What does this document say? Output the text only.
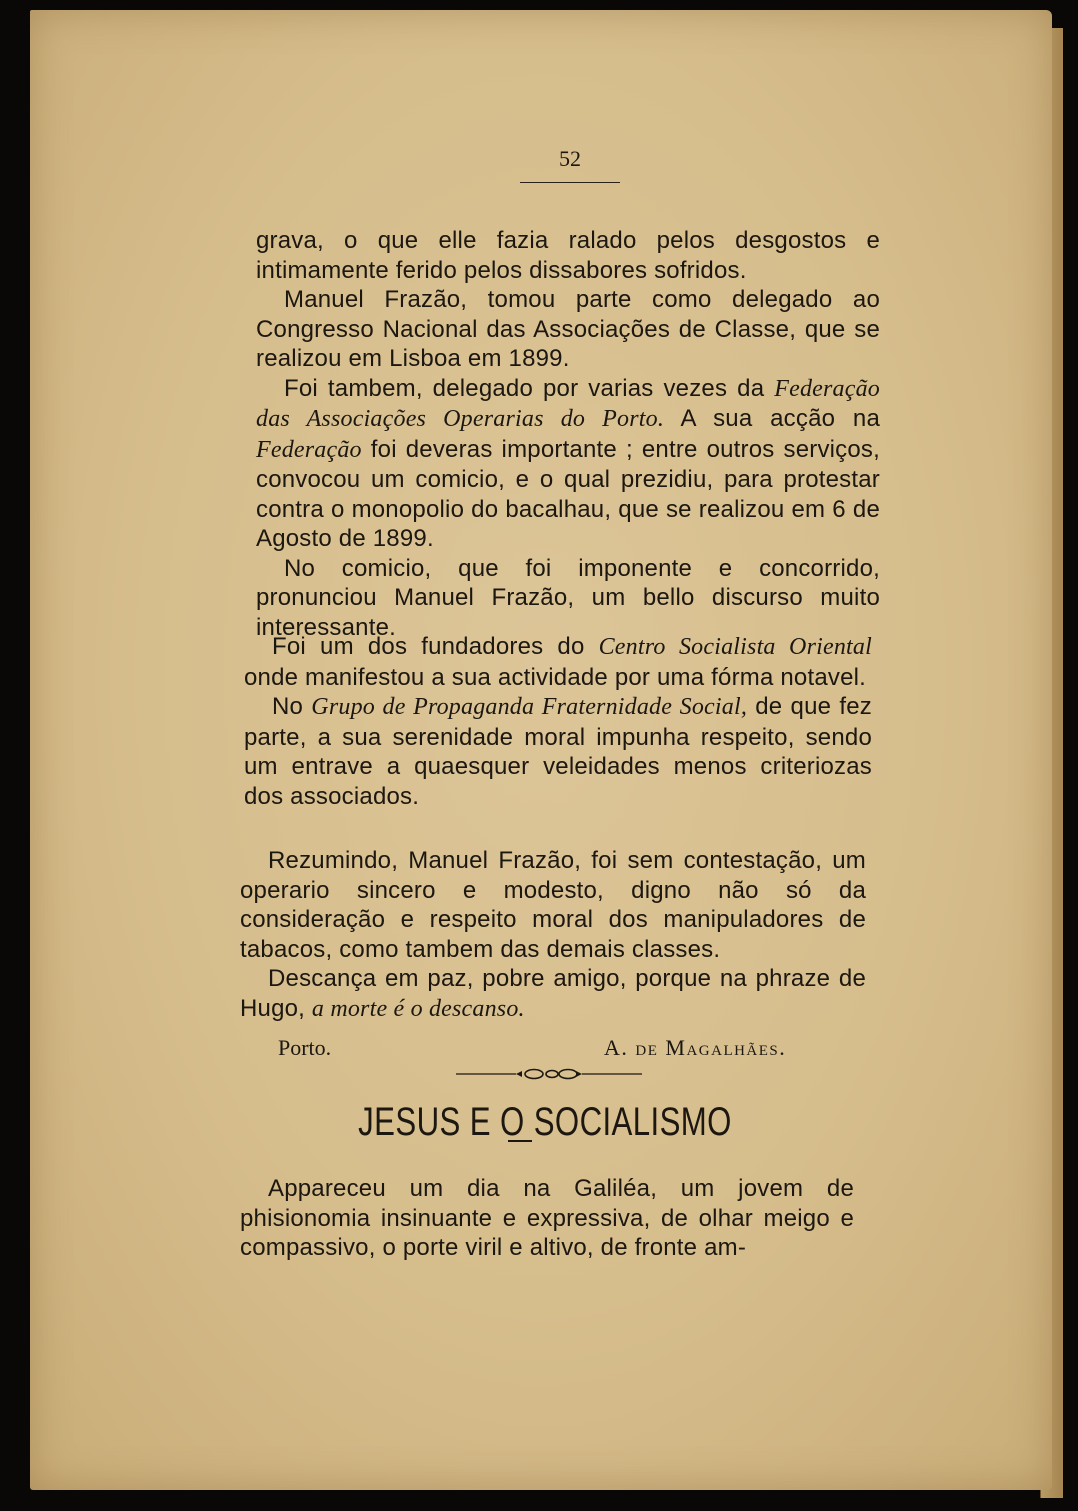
52

grava, o que elle fazia ralado pelos desgostos e intimamente ferido pelos dissabores sofridos.

Manuel Frazão, tomou parte como delegado ao Congresso Nacional das Associações de Classe, que se realizou em Lisboa em 1899.

Foi tambem, delegado por varias vezes da Federação das Associações Operarias do Porto. A sua acção na Federação foi deveras importante ; entre outros serviços, convocou um comicio, e o qual prezidiu, para protestar contra o monopolio do bacalhau, que se realizou em 6 de Agosto de 1899.

No comicio, que foi imponente e concorrido, pronunciou Manuel Frazão, um bello discurso muito interessante.

Foi um dos fundadores do Centro Socialista Oriental onde manifestou a sua actividade por uma fórma notavel.

No Grupo de Propaganda Fraternidade Social, de que fez parte, a sua serenidade moral impunha respeito, sendo um entrave a quaesquer veleidades menos criteriozas dos associados.

Rezumindo, Manuel Frazão, foi sem contestação, um operario sincero e modesto, digno não só da consideração e respeito moral dos manipuladores de tabacos, como tambem das demais classes.

Descança em paz, pobre amigo, porque na phraze de Hugo, a morte é o descanso.

Porto.	A. de Magalhães.
JESUS E O SOCIALISMO

Appareceu um dia na Galiléa, um jovem de phisionomia insinuante e expressiva, de olhar meigo e compassivo, o porte viril e altivo, de fronte am-
